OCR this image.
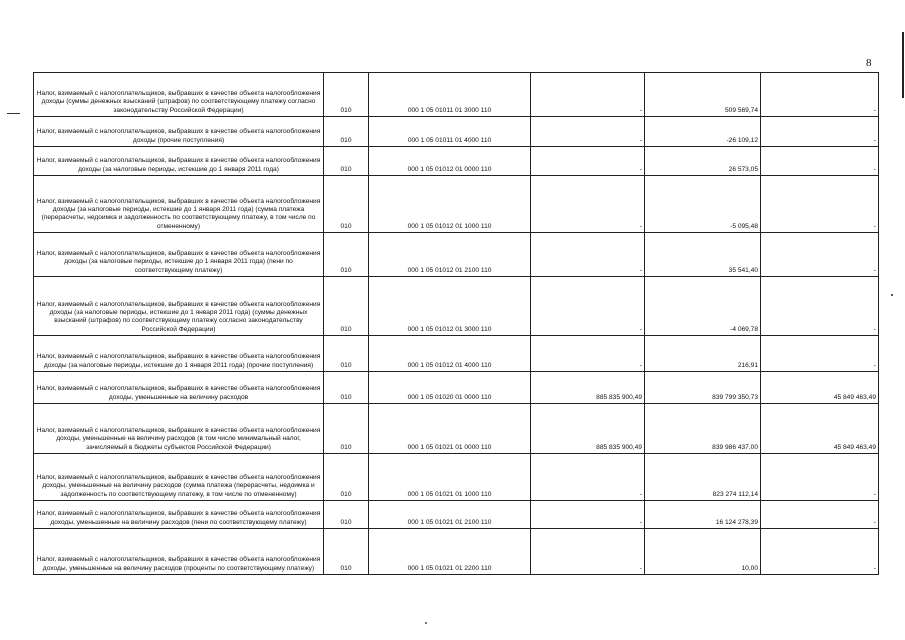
8
Налог, взимаемый с налогоплательщиков, выбравших в качестве объекта налогообложения доходы (суммы денежных взысканий (штрафов) по соответствующему платежу согласно законодательству Российской Федерации)	010	000 1 05 01011 01 3000 110	-	509 569,74	-
Налог, взимаемый с налогоплательщиков, выбравших в качестве объекта налогообложения доходы (прочие поступления)	010	000 1 05 01011 01 4000 110	-	-26 109,12	-
Налог, взимаемый с налогоплательщиков, выбравших в качестве объекта налогообложения доходы (за налоговые периоды, истекшие до 1 января 2011 года)	010	000 1 05 01012 01 0000 110	-	26 573,05	-
Налог, взимаемый с налогоплательщиков, выбравших в качестве объекта налогообложения доходы (за налоговые периоды, истекшие до 1 января 2011 года) (сумма платежа (перерасчеты, недоимка и задолженность по соответствующему платежу, в том числе по отмененному)	010	000 1 05 01012 01 1000 110	-	-5 095,48	-
Налог, взимаемый с налогоплательщиков, выбравших в качестве объекта налогообложения доходы (за налоговые периоды, истекшие до 1 января 2011 года) (пени по соответствующему платежу)	010	000 1 05 01012 01 2100 110	-	35 541,40	-
Налог, взимаемый с налогоплательщиков, выбравших в качестве объекта налогообложения доходы (за налоговые периоды, истекшие до 1 января 2011 года) (суммы денежных взысканий (штрафов) по соответствующему платежу согласно законодательству Российской Федерации)	010	000 1 05 01012 01 3000 110	-	-4 069,78	-
Налог, взимаемый с налогоплательщиков, выбравших в качестве объекта налогообложения доходы (за налоговые периоды, истекшие до 1 января 2011 года) (прочие поступления)	010	000 1 05 01012 01 4000 110	-	216,91	-
Налог, взимаемый с налогоплательщиков, выбравших в качестве объекта налогообложения доходы, уменьшенные на величину расходов	010	000 1 05 01020 01 0000 110	885 835 900,49	839 799 350,73	45 849 463,49
Налог, взимаемый с налогоплательщиков, выбравших в качестве объекта налогообложения доходы, уменьшенные на величину расходов (в том числе минимальный налог, зачисляемый в бюджеты субъектов Российской Федерации)	010	000 1 05 01021 01 0000 110	885 835 900,49	839 986 437,00	45 849 463,49
Налог, взимаемый с налогоплательщиков, выбравших в качестве объекта налогообложения доходы, уменьшенные на величину расходов (сумма платежа (перерасчеты, недоимка и задолженность по соответствующему платежу, в том числе по отмененному)	010	000 1 05 01021 01 1000 110	-	823 274 112,14	-
Налог, взимаемый с налогоплательщиков, выбравших в качестве объекта налогообложения доходы, уменьшенные на величину расходов (пени по соответствующему платежу)	010	000 1 05 01021 01 2100 110	-	16 124 278,39	-
Налог, взимаемый с налогоплательщиков, выбравших в качестве объекта налогообложения доходы, уменьшенные на величину расходов (проценты по соответствующему платежу)	010	000 1 05 01021 01 2200 110	-	10,00	-
